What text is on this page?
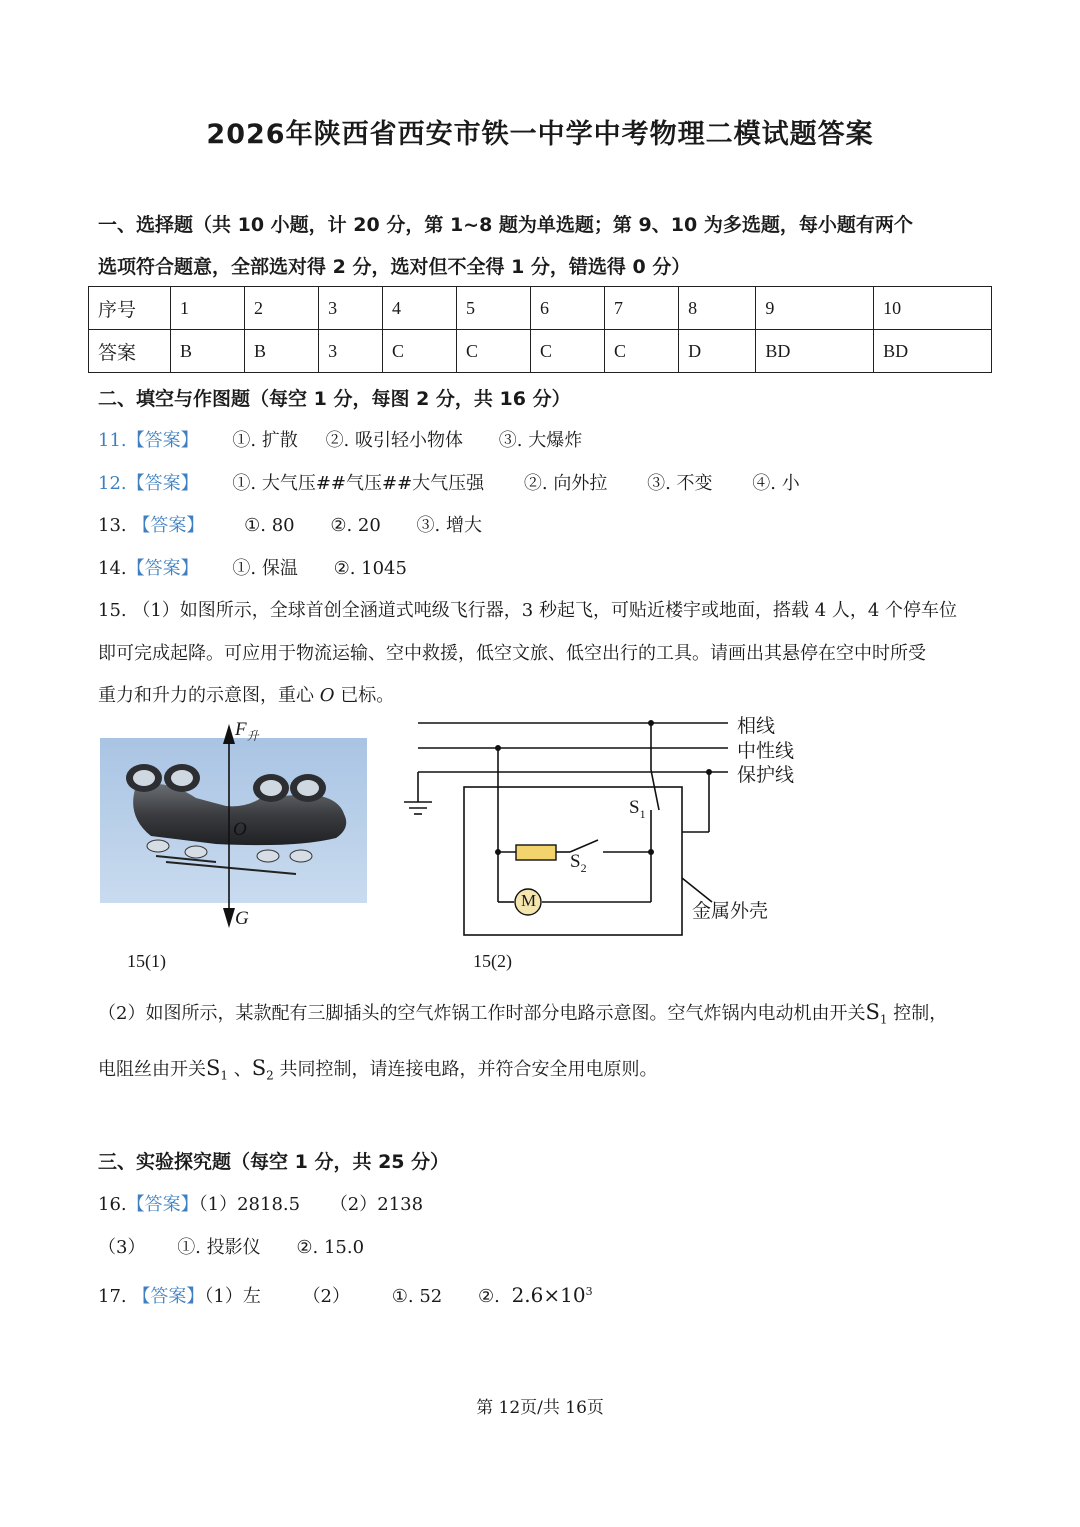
2026年陕西省西安市铁一中学中考物理二模试题答案
一、选择题（共 10 小题，计 20 分，第 1~8 题为单选题；第 9、10 为多选题，每小题有两个
选项符合题意，全部选对得 2 分，选对但不全得 1 分，错选得 0 分）
序号	1	2	3	4	5	6	7	8	9	10
答案	B	B	3	C	C	C	C	D	BD	BD
二、填空与作图题（每空 1 分，每图 2 分，共 16 分）
11.【答案】 ①. 扩散 ②. 吸引轻小物体 ③. 大爆炸
12.【答案】 ①. 大气压##气压##大气压强 ②. 向外拉 ③. 不变 ④. 小
13. 【答案】 ①. 80 ②. 20 ③. 增大
14.【答案】 ①. 保温 ②. 1045
15. （1）如图所示，全球首创全涵道式吨级飞行器，3 秒起飞，可贴近楼宇或地面，搭载 4 人，4 个停车位
即可完成起降。可应用于物流运输、空中救援，低空文旅、低空出行的工具。请画出其悬停在空中时所受
重力和升力的示意图，重心 O 已标。
$F_升$
O
G
15(1)
相线
中性线
保护线
$S_1$
$S_2$
M	金属外壳
15(2)
（2）如图所示，某款配有三脚插头的空气炸锅工作时部分电路示意图。空气炸锅内电动机由开关$S_1$ 控制，
电阻丝由开关$S_1$ 、$S_2$ 共同控制，请连接电路，并符合安全用电原则。
三、实验探究题（每空 1 分，共 25 分）
16.【答案】（1）2818.5 （2）2138
（3） ①. 投影仪 ②. 15.0
17. 【答案】（1）左 （2） ①. 52 ②. $2.6\times 10^3$
第 12页/共 16页
